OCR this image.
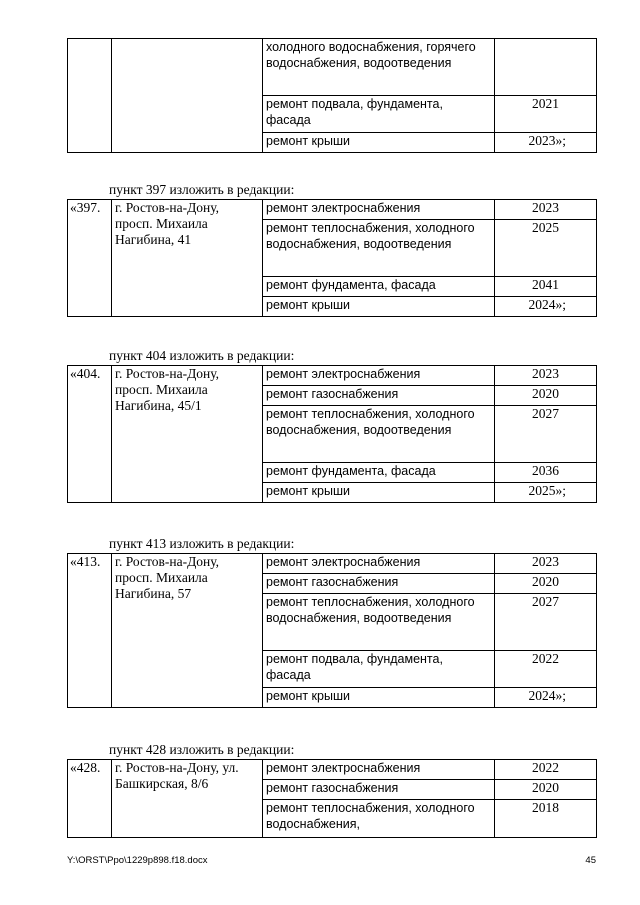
		холодного водоснабжения, горячего водоснабжения, водоотведения	
		ремонт подвала, фундамента, фасада	2021
		ремонт крыши	2023»;
пункт 397 изложить в редакции:
«397.	г. Ростов-на-Дону, просп. Михаила Нагибина, 41	ремонт электроснабжения	2023
		ремонт теплоснабжения, холодного водоснабжения, водоотведения	2025
		ремонт фундамента, фасада	2041
		ремонт крыши	2024»;
пункт 404 изложить в редакции:
«404.	г. Ростов-на-Дону, просп. Михаила Нагибина, 45/1	ремонт электроснабжения	2023
		ремонт газоснабжения	2020
		ремонт теплоснабжения, холодного водоснабжения, водоотведения	2027
		ремонт фундамента, фасада	2036
		ремонт крыши	2025»;
пункт 413 изложить в редакции:
«413.	г. Ростов-на-Дону, просп. Михаила Нагибина, 57	ремонт электроснабжения	2023
		ремонт газоснабжения	2020
		ремонт теплоснабжения, холодного водоснабжения, водоотведения	2027
		ремонт подвала, фундамента, фасада	2022
		ремонт крыши	2024»;
пункт 428 изложить в редакции:
«428.	г. Ростов-на-Дону, ул. Башкирская, 8/6	ремонт электроснабжения	2022
		ремонт газоснабжения	2020
		ремонт теплоснабжения, холодного водоснабжения,	2018
Y:\ORST\Ppo\1229p898.f18.docx	45
